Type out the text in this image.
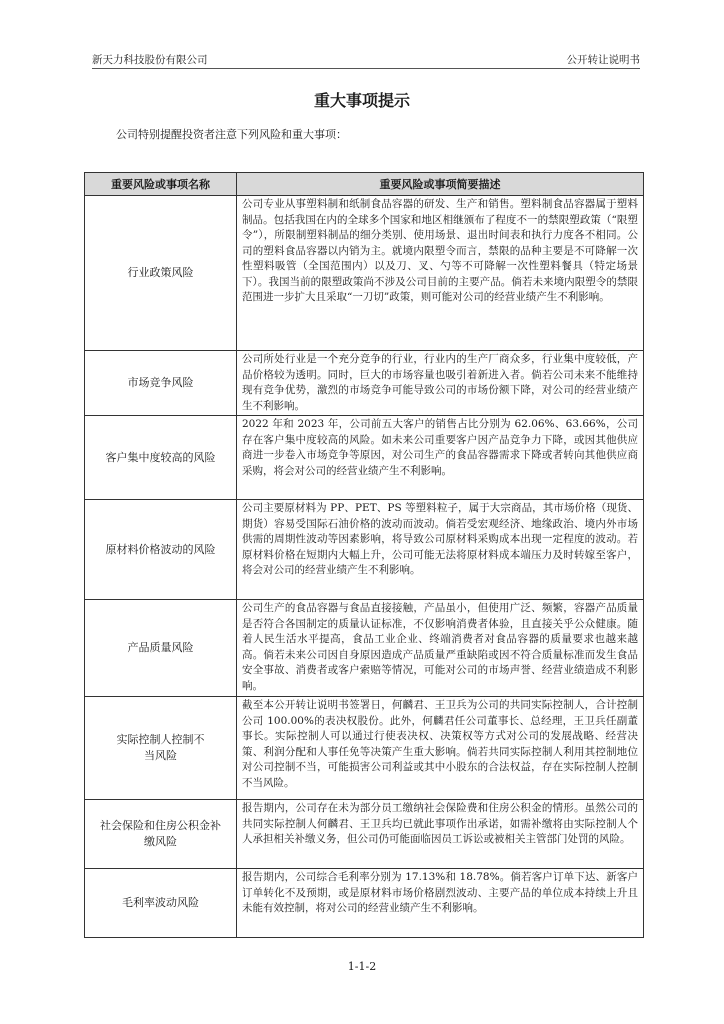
新天力科技股份有限公司	公开转让说明书
重大事项提示
公司特别提醒投资者注意下列风险和重大事项：
重要风险或事项名称	重要风险或事项简要描述
行业政策风险	公司专业从事塑料制和纸制食品容器的研发、生产和销售。塑料制食品容器属于塑料制品。包括我国在内的全球多个国家和地区相继颁布了程度不一的禁限塑政策（“限塑令”），所限制塑料制品的细分类别、使用场景、退出时间表和执行力度各不相同。公司的塑料食品容器以内销为主。就境内限塑令而言，禁限的品种主要是不可降解一次性塑料吸管（全国范围内）以及刀、叉、勺等不可降解一次性塑料餐具（特定场景下）。我国当前的限塑政策尚不涉及公司目前的主要产品。倘若未来境内限塑令的禁限范围进一步扩大且采取“一刀切”政策，则可能对公司的经营业绩产生不利影响。
市场竞争风险	公司所处行业是一个充分竞争的行业，行业内的生产厂商众多，行业集中度较低，产品价格较为透明。同时，巨大的市场容量也吸引着新进入者。倘若公司未来不能维持现有竞争优势，激烈的市场竞争可能导致公司的市场份额下降，对公司的经营业绩产生不利影响。
客户集中度较高的风险	2022 年和 2023 年，公司前五大客户的销售占比分别为 62.06%、63.66%，公司存在客户集中度较高的风险。如未来公司重要客户因产品竞争力下降，或因其他供应商进一步卷入市场竞争等原因，对公司生产的食品容器需求下降或者转向其他供应商采购，将会对公司的经营业绩产生不利影响。
原材料价格波动的风险	公司主要原材料为 PP、PET、PS 等塑料粒子，属于大宗商品，其市场价格（现货、期货）容易受国际石油价格的波动而波动。倘若受宏观经济、地缘政治、境内外市场供需的周期性波动等因素影响，将导致公司原材料采购成本出现一定程度的波动。若原材料价格在短期内大幅上升，公司可能无法将原材料成本端压力及时转嫁至客户，将会对公司的经营业绩产生不利影响。
产品质量风险	公司生产的食品容器与食品直接接触，产品虽小，但使用广泛、频繁，容器产品质量是否符合各国制定的质量认证标准，不仅影响消费者体验，且直接关乎公众健康。随着人民生活水平提高，食品工业企业、终端消费者对食品容器的质量要求也越来越高。倘若未来公司因自身原因造成产品质量严重缺陷或因不符合质量标准而发生食品安全事故、消费者或客户索赔等情况，可能对公司的市场声誉、经营业绩造成不利影响。
实际控制人控制不当风险	截至本公开转让说明书签署日，何麟君、王卫兵为公司的共同实际控制人，合计控制公司 100.00%的表决权股份。此外，何麟君任公司董事长、总经理，王卫兵任副董事长。实际控制人可以通过行使表决权、决策权等方式对公司的发展战略、经营决策、利润分配和人事任免等决策产生重大影响。倘若共同实际控制人利用其控制地位对公司控制不当，可能损害公司利益或其中小股东的合法权益，存在实际控制人控制不当风险。
社会保险和住房公积金补缴风险	报告期内，公司存在未为部分员工缴纳社会保险费和住房公积金的情形。虽然公司的共同实际控制人何麟君、王卫兵均已就此事项作出承诺，如需补缴将由实际控制人个人承担相关补缴义务，但公司仍可能面临因员工诉讼或被相关主管部门处罚的风险。
毛利率波动风险	报告期内，公司综合毛利率分别为 17.13%和 18.78%。倘若客户订单下达、新客户订单转化不及预期，或是原材料市场价格剧烈波动、主要产品的单位成本持续上升且未能有效控制，将对公司的经营业绩产生不利影响。
1-1-2
